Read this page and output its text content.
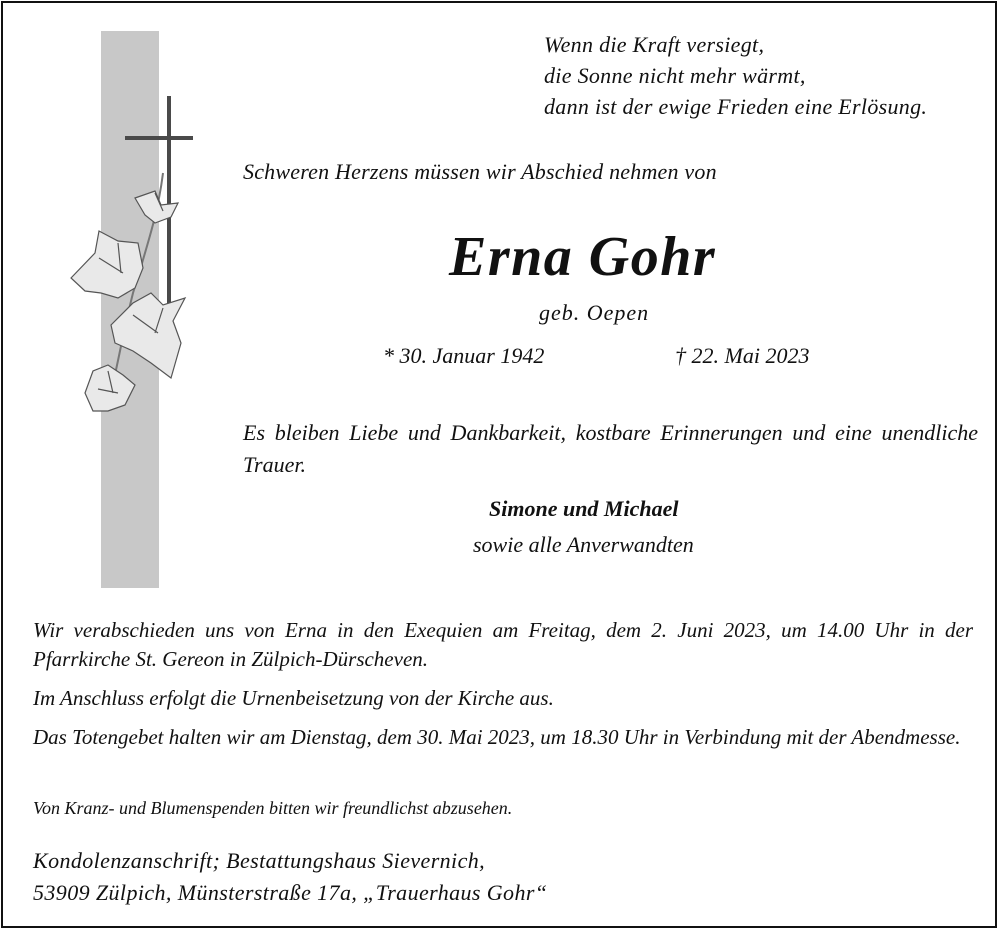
Wenn die Kraft versiegt,
die Sonne nicht mehr wärmt,
dann ist der ewige Frieden eine Erlösung.
Schweren Herzens müssen wir Abschied nehmen von
Erna Gohr
geb. Oepen
* 30. Januar 1942	† 22. Mai 2023
Es bleiben Liebe und Dankbarkeit, kostbare Erinnerungen und eine unendliche Trauer.
Simone und Michael
sowie alle Anverwandten
Wir verabschieden uns von Erna in den Exequien am Freitag, dem 2. Juni 2023, um 14.00 Uhr in der Pfarrkirche St. Gereon in Zülpich-Dürscheven.
Im Anschluss erfolgt die Urnenbeisetzung von der Kirche aus.
Das Totengebet halten wir am Dienstag, dem 30. Mai 2023, um 18.30 Uhr in Verbindung mit der Abendmesse.
Von Kranz- und Blumenspenden bitten wir freundlichst abzusehen.
Kondolenzanschrift; Bestattungshaus Sievernich,
53909 Zülpich, Münsterstraße 17a, „Trauerhaus Gohr“
